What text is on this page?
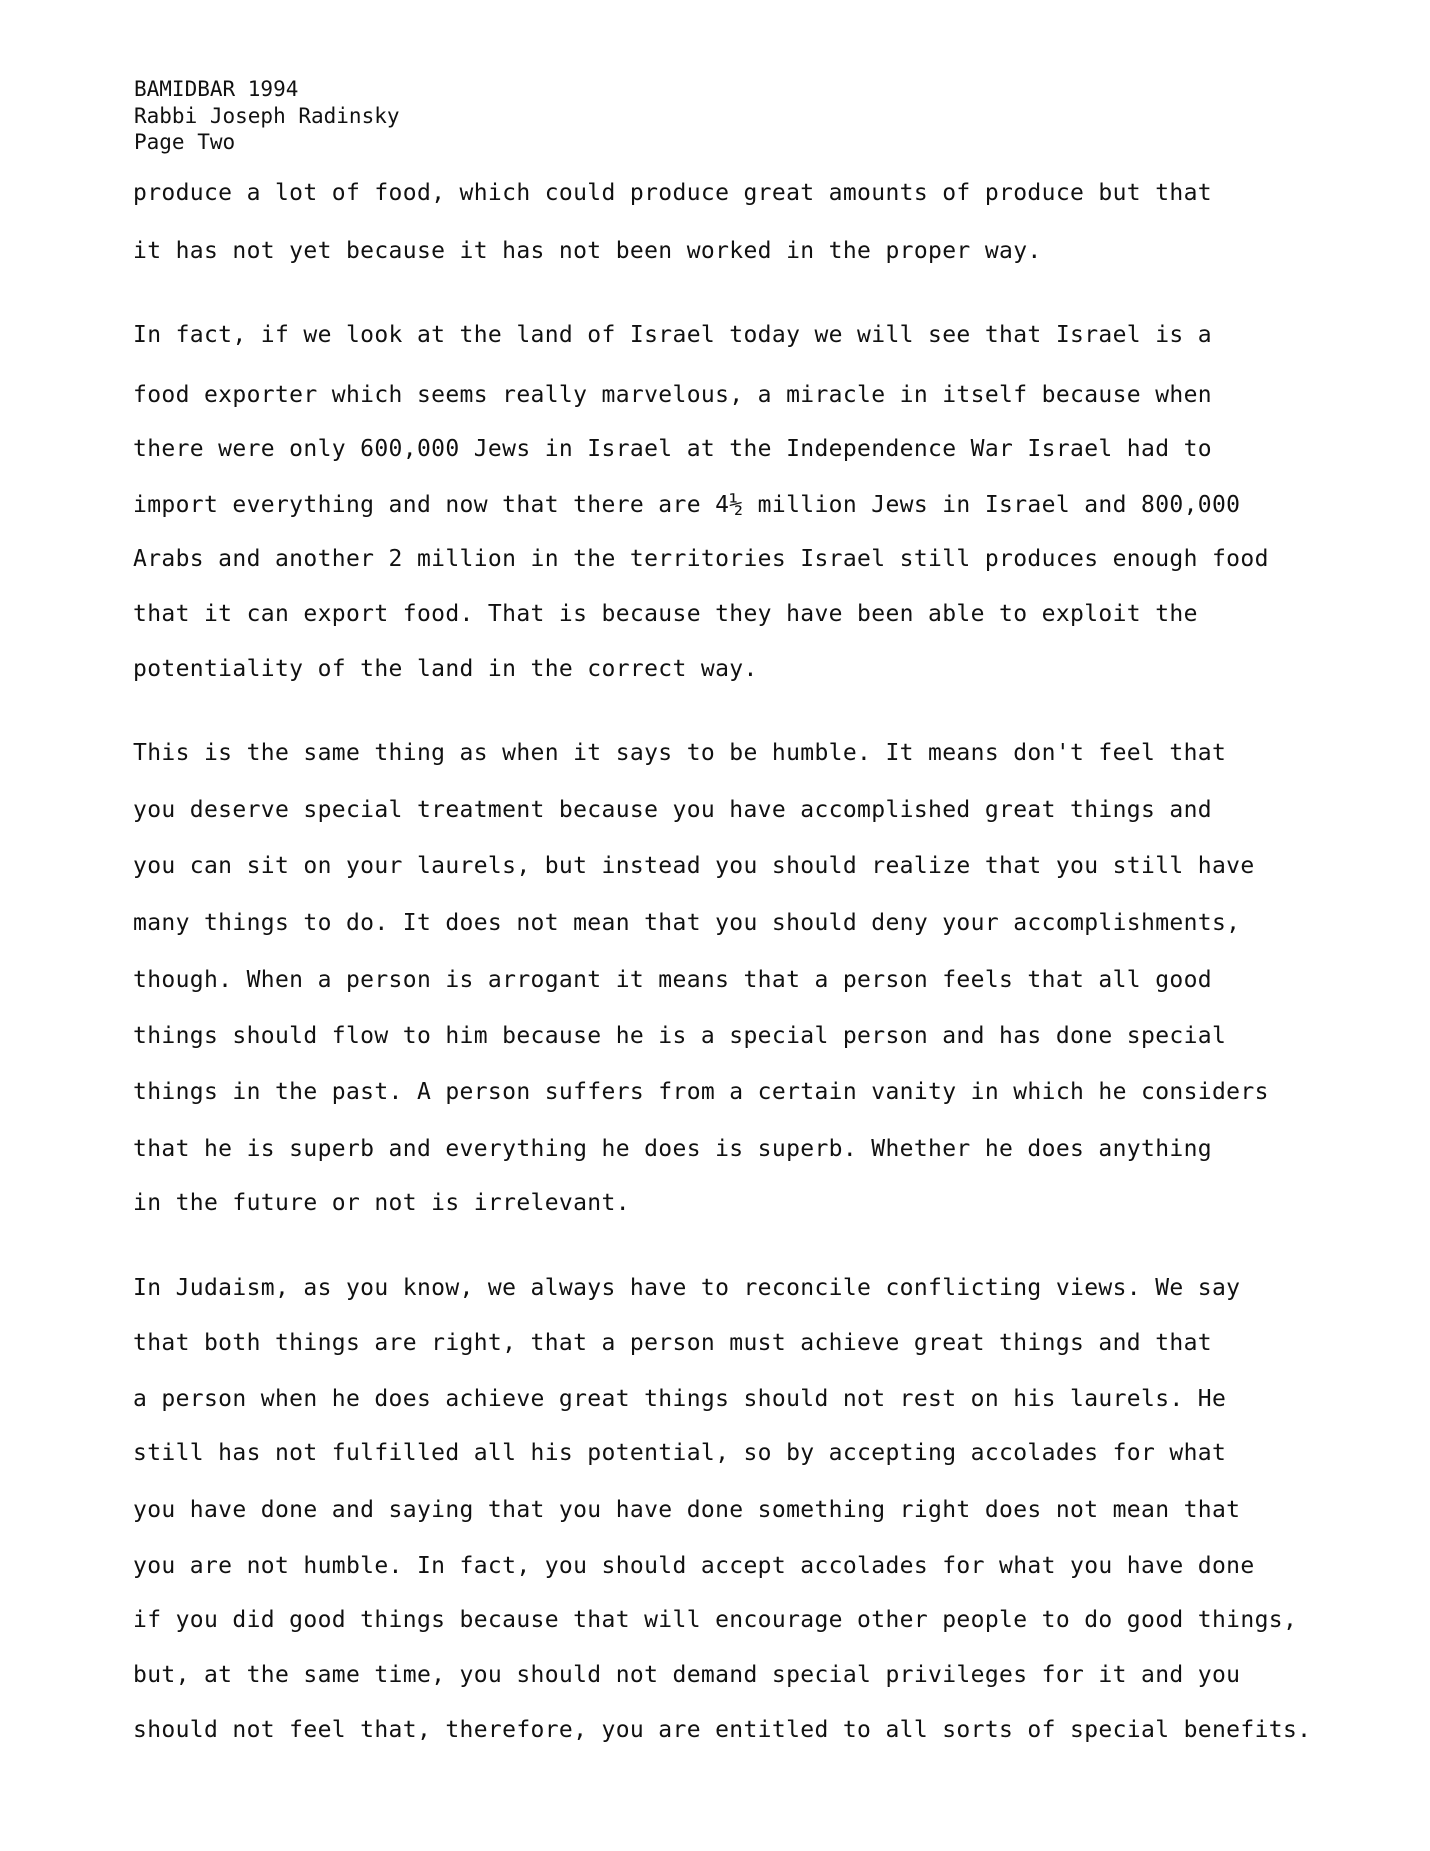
BAMIDBAR 1994
Rabbi Joseph Radinsky
Page Two
produce a lot of food, which could produce great amounts of produce but that
it has not yet because it has not been worked in the proper way.
In fact, if we look at the land of Israel today we will see that Israel is a
food exporter which seems really marvelous, a miracle in itself because when
there were only 600,000 Jews in Israel at the Independence War Israel had to
import everything and now that there are 4½ million Jews in Israel and 800,000
Arabs and another 2 million in the territories Israel still produces enough food
that it can export food. That is because they have been able to exploit the
potentiality of the land in the correct way.
This is the same thing as when it says to be humble. It means don't feel that
you deserve special treatment because you have accomplished great things and
you can sit on your laurels, but instead you should realize that you still have
many things to do. It does not mean that you should deny your accomplishments,
though. When a person is arrogant it means that a person feels that all good
things should flow to him because he is a special person and has done special
things in the past. A person suffers from a certain vanity in which he considers
that he is superb and everything he does is superb. Whether he does anything
in the future or not is irrelevant.
In Judaism, as you know, we always have to reconcile conflicting views. We say
that both things are right, that a person must achieve great things and that
a person when he does achieve great things should not rest on his laurels. He
still has not fulfilled all his potential, so by accepting accolades for what
you have done and saying that you have done something right does not mean that
you are not humble. In fact, you should accept accolades for what you have done
if you did good things because that will encourage other people to do good things,
but, at the same time, you should not demand special privileges for it and you
should not feel that, therefore, you are entitled to all sorts of special benefits.
